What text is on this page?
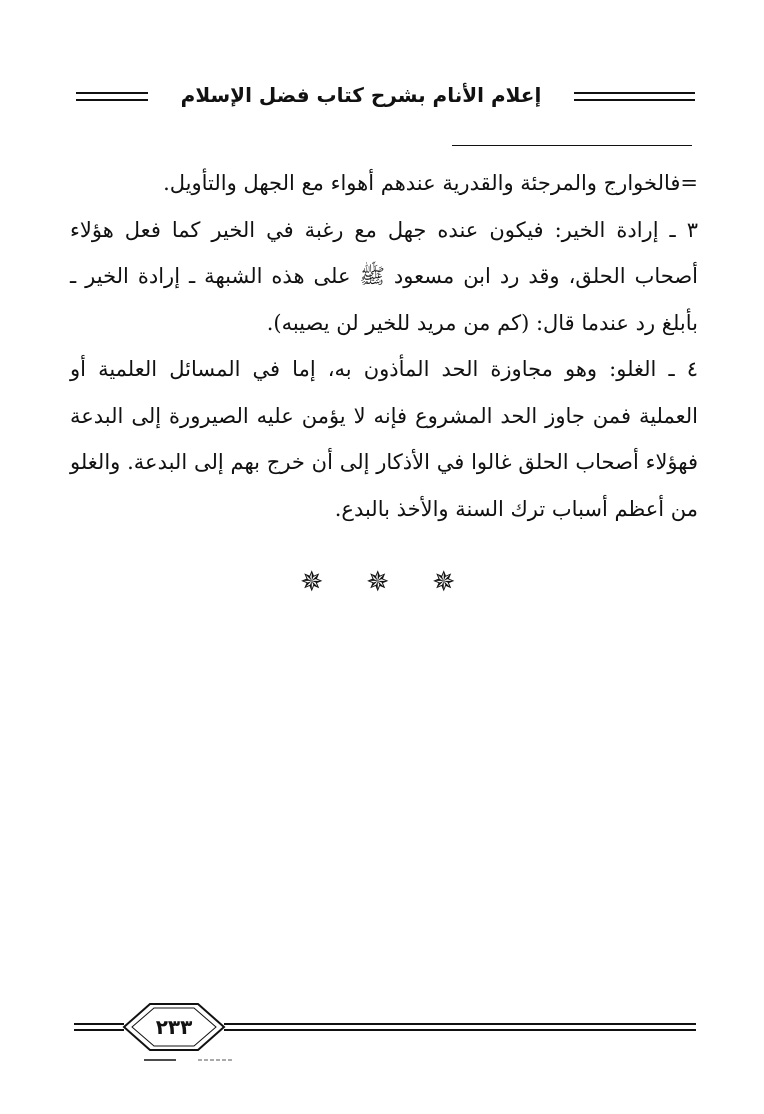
إعلام الأنام بشرح كتاب فضل الإسلام

=فالخوارج والمرجئة والقدرية عندهم أهواء مع الجهل والتأويل.

٣ ـ إرادة الخير: فيكون عنده جهل مع رغبة في الخير كما فعل هؤلاء أصحاب الحلق، وقد رد ابن مسعود ﷺ على هذه الشبهة ـ إرادة الخير ـ بأبلغ رد عندما قال: (كم من مريد للخير لن يصيبه).

٤ ـ الغلو: وهو مجاوزة الحد المأذون به، إما في المسائل العلمية أو العملية فمن جاوز الحد المشروع فإنه لا يؤمن عليه الصيرورة إلى البدعة فهؤلاء أصحاب الحلق غالوا في الأذكار إلى أن خرج بهم إلى البدعة. والغلو من أعظم أسباب ترك السنة والأخذ بالبدع.

✵ ✵ ✵
٢٣٣
